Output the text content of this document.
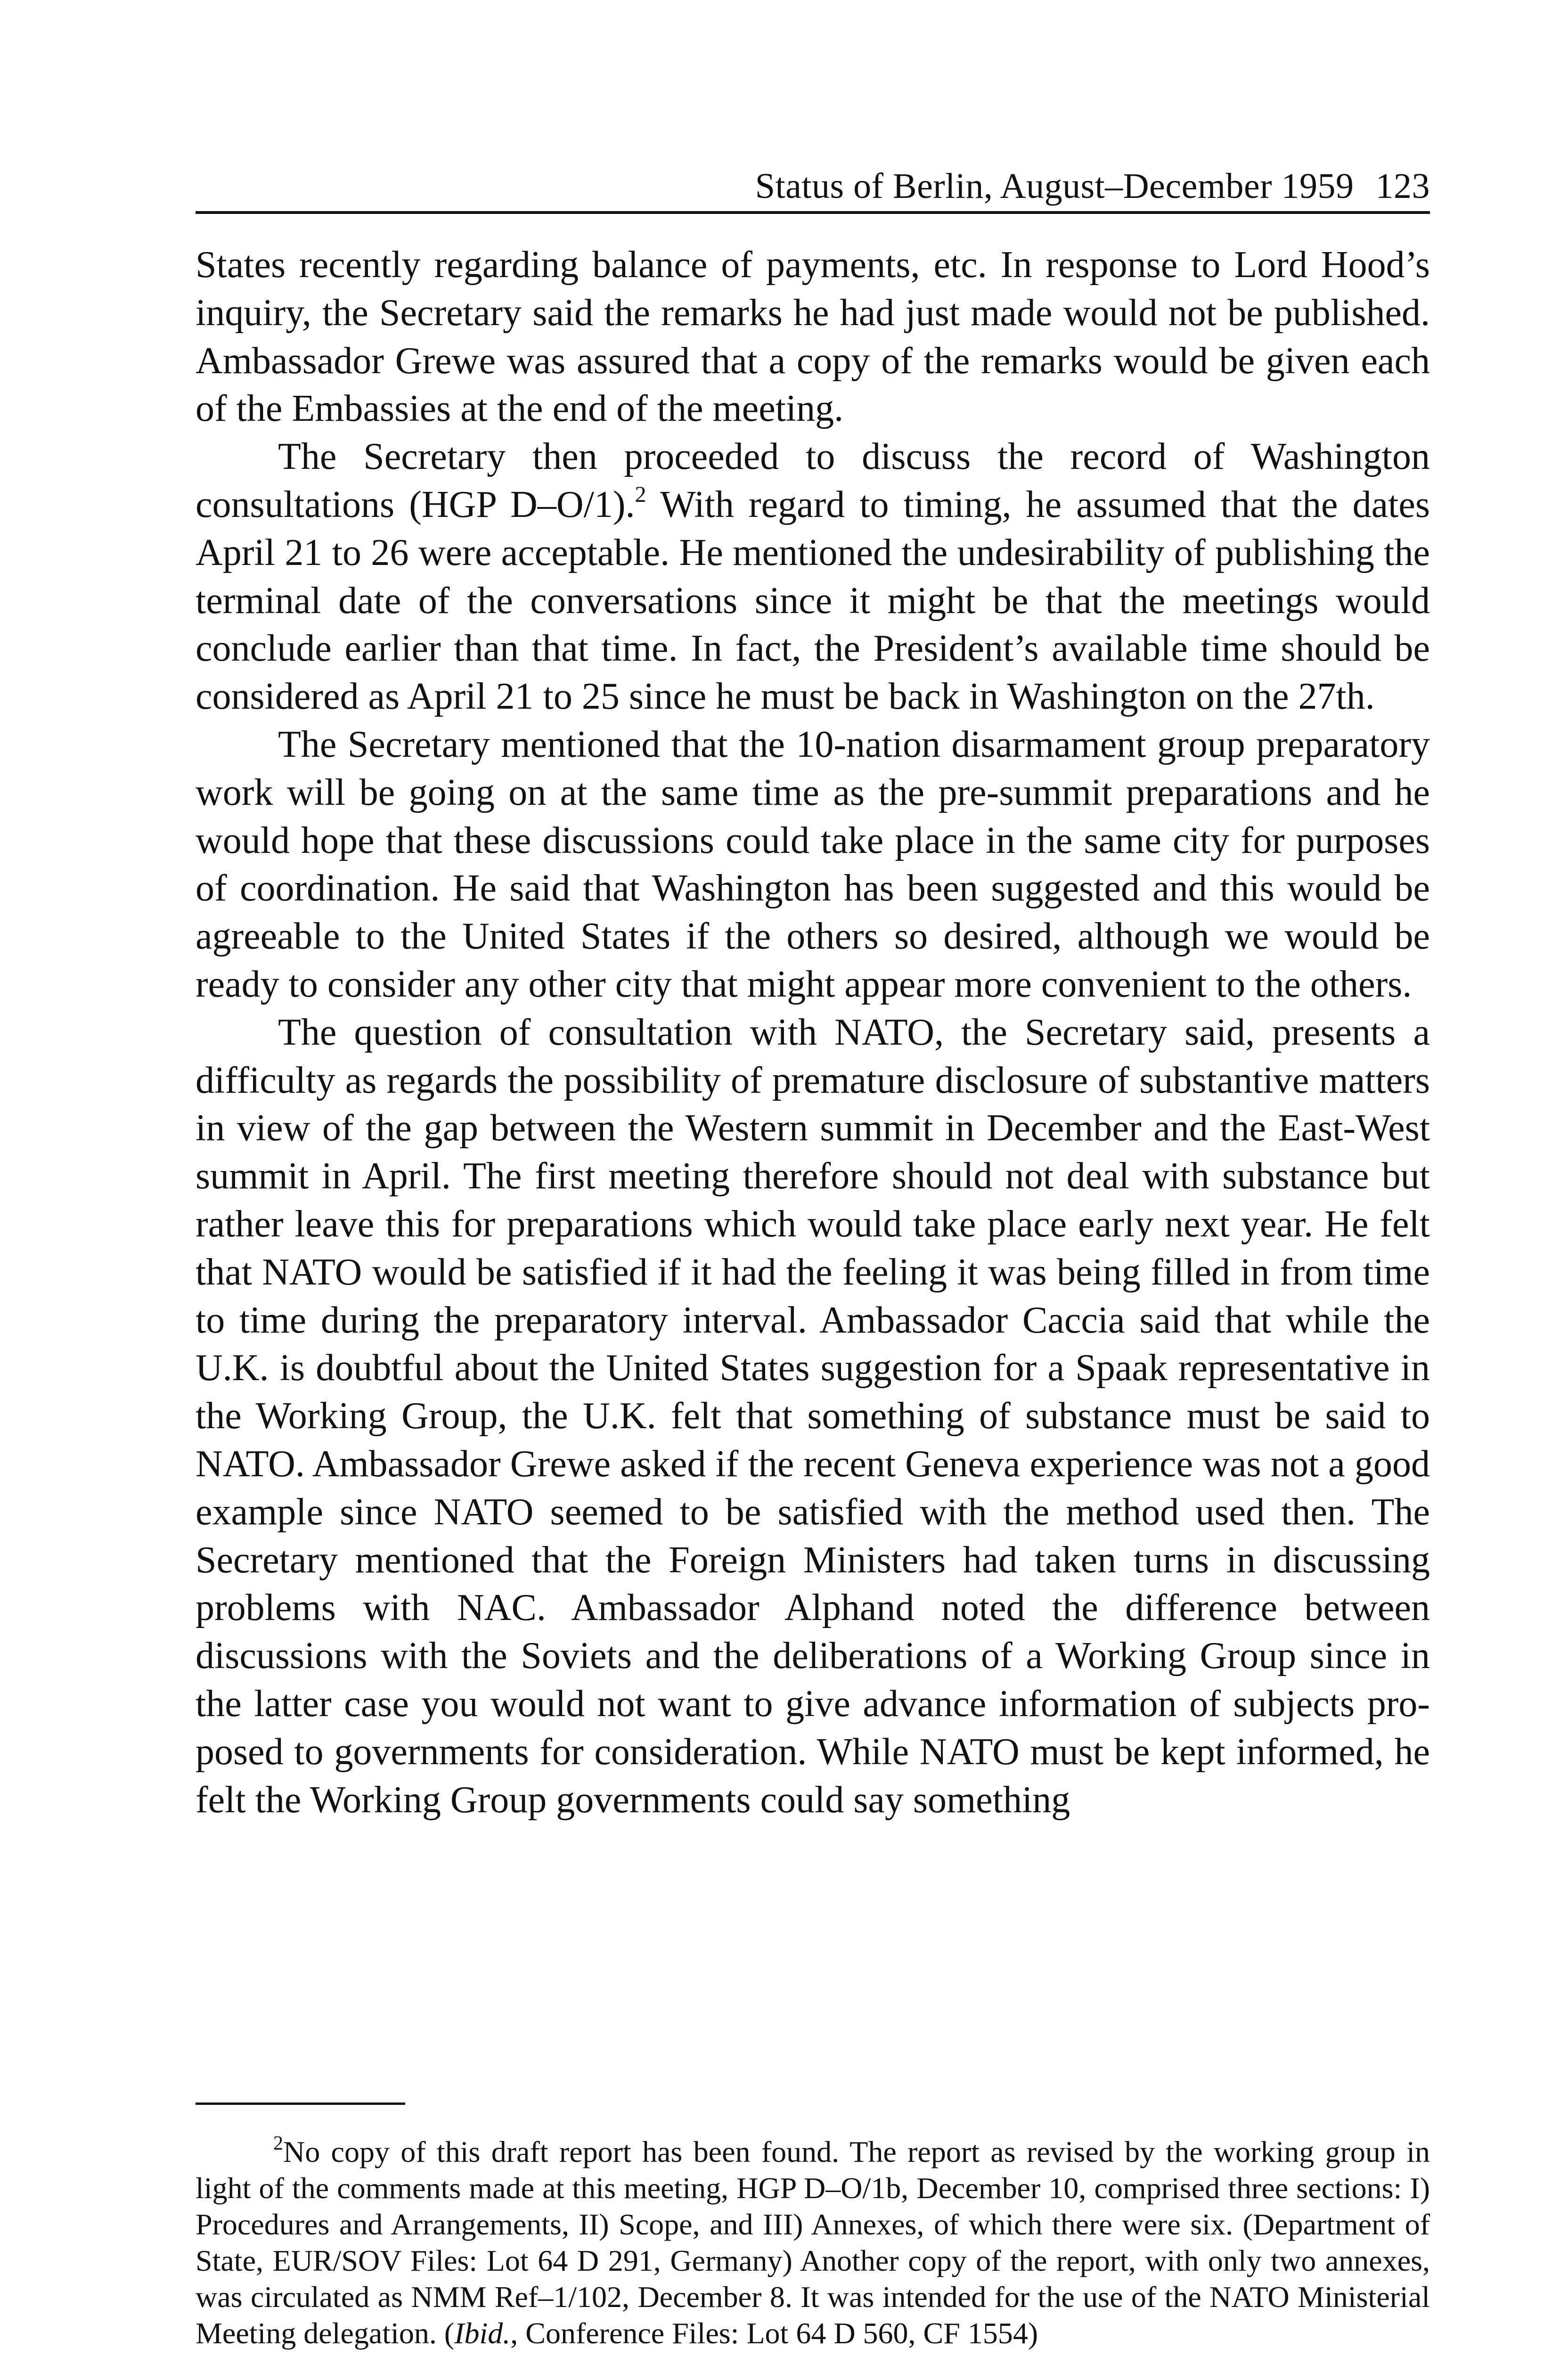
Status of Berlin, August–December 1959 123

States recently regarding balance of payments, etc. In response to Lord Hood’s inquiry, the Secretary said the remarks he had just made would not be published. Ambassador Grewe was assured that a copy of the remarks would be given each of the Embassies at the end of the meeting.

The Secretary then proceeded to discuss the record of Washington consultations (HGP D–O/1).$^2$ With regard to timing, he assumed that the dates April 21 to 26 were acceptable. He mentioned the undesirability of publishing the terminal date of the conversations since it might be that the meetings would conclude earlier than that time. In fact, the President’s available time should be considered as April 21 to 25 since he must be back in Washington on the 27th.

The Secretary mentioned that the 10-nation disarmament group preparatory work will be going on at the same time as the pre-summit preparations and he would hope that these discussions could take place in the same city for purposes of coordination. He said that Washington has been suggested and this would be agreeable to the United States if the others so desired, although we would be ready to consider any other city that might appear more convenient to the others.

The question of consultation with NATO, the Secretary said, presents a difficulty as regards the possibility of premature disclosure of substantive matters in view of the gap between the Western summit in December and the East-West summit in April. The first meeting therefore should not deal with substance but rather leave this for preparations which would take place early next year. He felt that NATO would be satisfied if it had the feeling it was being filled in from time to time during the preparatory interval. Ambassador Caccia said that while the U.K. is doubtful about the United States suggestion for a Spaak representative in the Working Group, the U.K. felt that something of substance must be said to NATO. Ambassador Grewe asked if the recent Geneva experience was not a good example since NATO seemed to be satisfied with the method used then. The Secretary mentioned that the Foreign Ministers had taken turns in discussing problems with NAC. Ambassador Alphand noted the difference between discussions with the Soviets and the deliberations of a Working Group since in the latter case you would not want to give advance information of subjects proposed to governments for consideration. While NATO must be kept informed, he felt the Working Group governments could say something

$^2$No copy of this draft report has been found. The report as revised by the working group in light of the comments made at this meeting, HGP D–O/1b, December 10, comprised three sections: I) Procedures and Arrangements, II) Scope, and III) Annexes, of which there were six. (Department of State, EUR/SOV Files: Lot 64 D 291, Germany) Another copy of the report, with only two annexes, was circulated as NMM Ref–1/102, December 8. It was intended for the use of the NATO Ministerial Meeting delegation. (Ibid., Conference Files: Lot 64 D 560, CF 1554)
